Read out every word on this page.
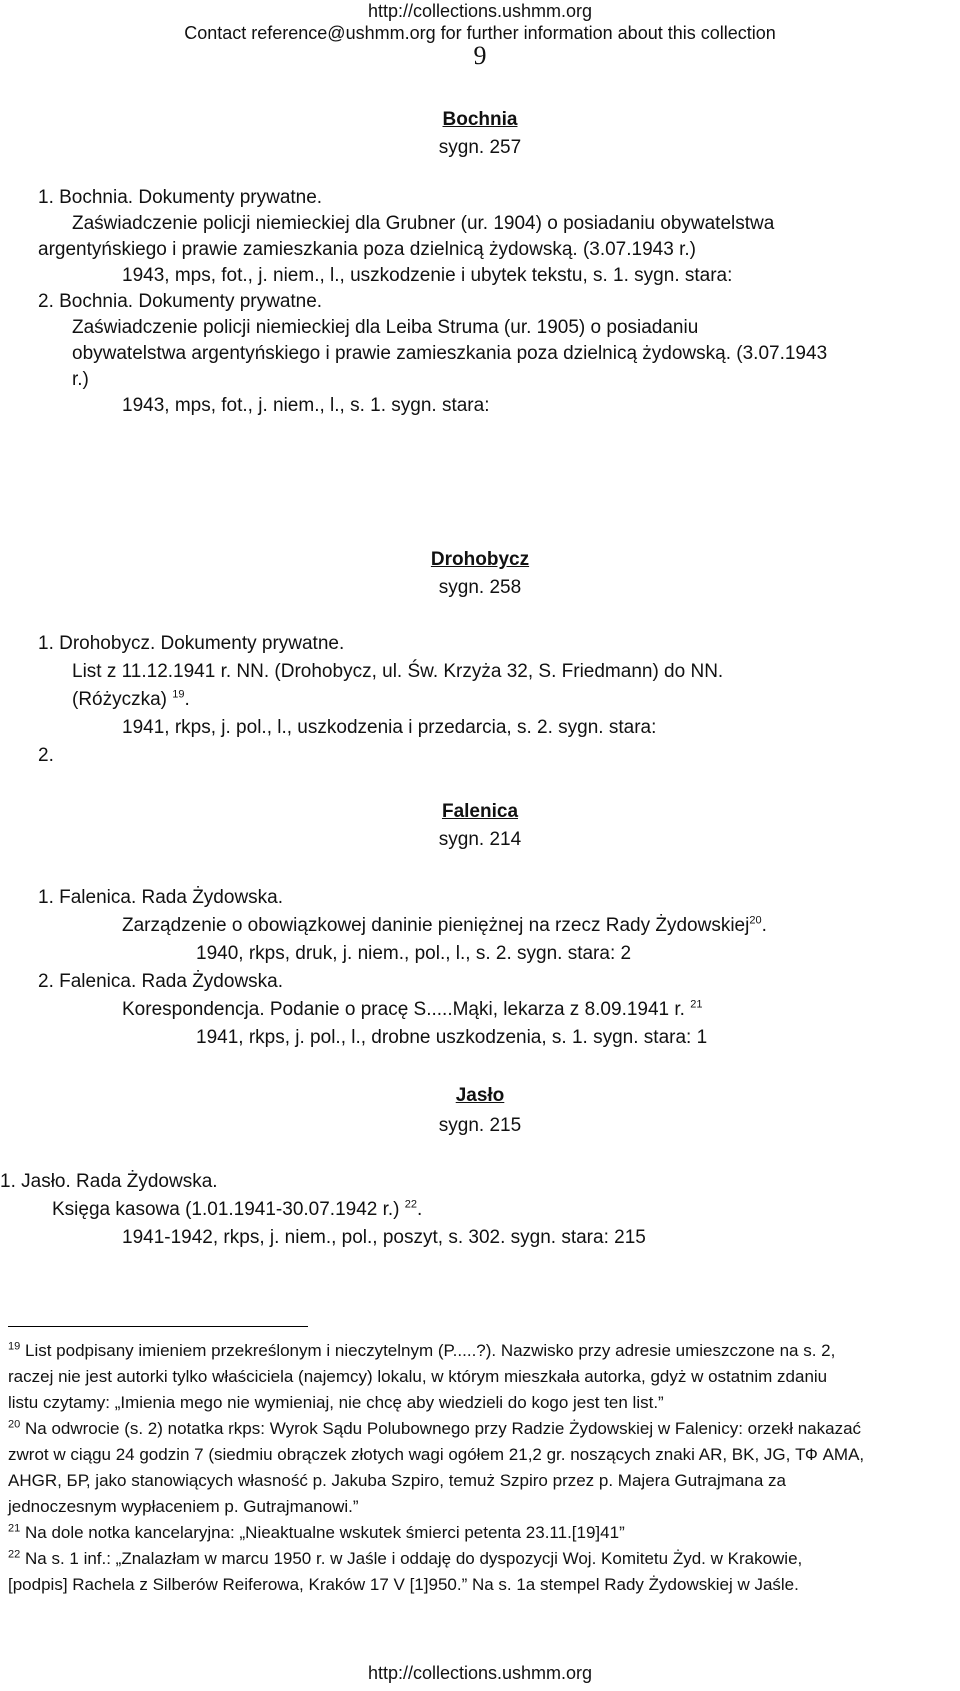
http://collections.ushmm.org
Contact reference@ushmm.org for further information about this collection
9
Bochnia
sygn. 257
1. Bochnia. Dokumenty prywatne.
Zaświadczenie policji niemieckiej dla Grubner (ur. 1904) o posiadaniu obywatelstwa
argentyńskiego i prawie zamieszkania poza dzielnicą żydowską. (3.07.1943 r.)
1943, mps, fot., j. niem., l., uszkodzenie i ubytek tekstu, s. 1. sygn. stara:
2. Bochnia. Dokumenty prywatne.
Zaświadczenie policji niemieckiej dla Leiba Struma (ur. 1905) o posiadaniu
obywatelstwa argentyńskiego i prawie zamieszkania poza dzielnicą żydowską. (3.07.1943
r.)
1943, mps, fot., j. niem., l., s. 1. sygn. stara:
Drohobycz
sygn. 258
1. Drohobycz. Dokumenty prywatne.
List z 11.12.1941 r. NN. (Drohobycz, ul. Św. Krzyża 32, S. Friedmann) do NN.
(Różyczka) $^{19}$.
1941, rkps, j. pol., l., uszkodzenia i przedarcia, s. 2. sygn. stara:
2.
Falenica
sygn. 214
1. Falenica. Rada Żydowska.
Zarządzenie o obowiązkowej daninie pieniężnej na rzecz Rady Żydowskiej$^{20}$.
1940, rkps, druk, j. niem., pol., l., s. 2. sygn. stara: 2
2. Falenica. Rada Żydowska.
Korespondencja. Podanie o pracę S.....Mąki, lekarza z 8.09.1941 r. $^{21}$
1941, rkps, j. pol., l., drobne uszkodzenia, s. 1. sygn. stara: 1
Jasło
sygn. 215
1. Jasło. Rada Żydowska.
Księga kasowa (1.01.1941-30.07.1942 r.) $^{22}$.
1941-1942, rkps, j. niem., pol., poszyt, s. 302. sygn. stara: 215
$^{19}$ List podpisany imieniem przekreślonym i nieczytelnym (P.....?). Nazwisko przy adresie umieszczone na s. 2,
raczej nie jest autorki tylko właściciela (najemcy) lokalu, w którym mieszkała autorka, gdyż w ostatnim zdaniu
listu czytamy: „Imienia mego nie wymieniaj, nie chcę aby wiedzieli do kogo jest ten list.”
$^{20}$ Na odwrocie (s. 2) notatka rkps: Wyrok Sądu Polubownego przy Radzie Żydowskiej w Falenicy: orzekł nakazać
zwrot w ciągu 24 godzin 7 (siedmiu obrączek złotych wagi ogółem 21,2 gr. noszących znaki AR, BK, JG, ТФ AMA,
AHGR, БР, jako stanowiących własność p. Jakuba Szpiro, temuż Szpiro przez p. Majera Gutrajmana za
jednoczesnym wypłaceniem p. Gutrajmanowi.”
$^{21}$ Na dole notka kancelaryjna: „Nieaktualne wskutek śmierci petenta 23.11.[19]41”
$^{22}$ Na s. 1 inf.: „Znalazłam w marcu 1950 r. w Jaśle i oddaję do dyspozycji Woj. Komitetu Żyd. w Krakowie,
[podpis] Rachela z Silberów Reiferowa, Kraków 17 V [1]950.” Na s. 1a stempel Rady Żydowskiej w Jaśle.
http://collections.ushmm.org
